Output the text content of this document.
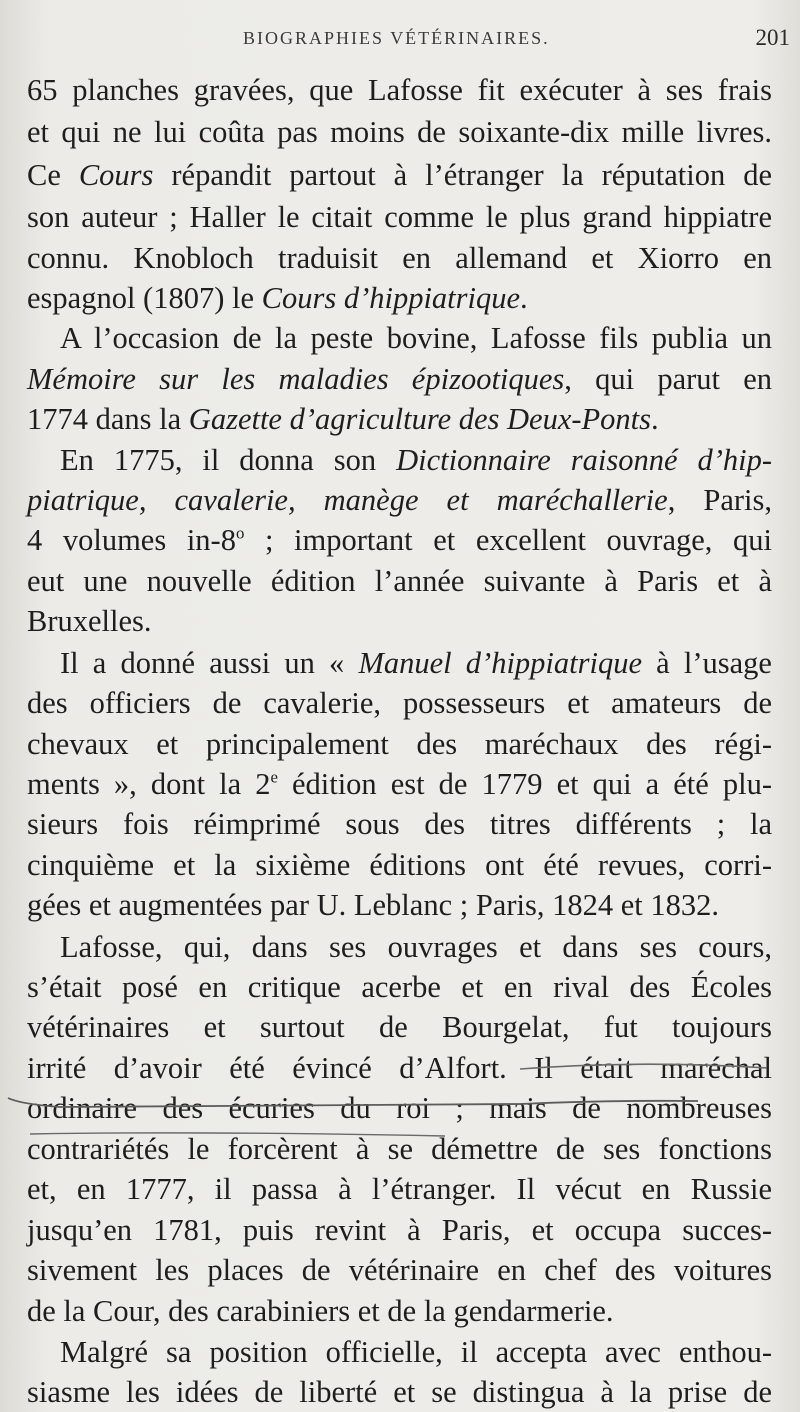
BIOGRAPHIES VÉTÉRINAIRES.	201
65 planches gravées, que Lafosse fit exécuter à ses frais
et qui ne lui coûta pas moins de soixante-dix mille livres.
Ce Cours répandit partout à l’étranger la réputation de
son auteur ; Haller le citait comme le plus grand hippiatre
connu. Knobloch traduisit en allemand et Xiorro en
espagnol (1807) le Cours d’hippiatrique.
A l’occasion de la peste bovine, Lafosse fils publia un
Mémoire sur les maladies épizootiques, qui parut en
1774 dans la Gazette d’agriculture des Deux-Ponts.
En 1775, il donna son Dictionnaire raisonné d’hip-
piatrique, cavalerie, manège et maréchallerie, Paris,
4 volumes in-8$^o$ ; important et excellent ouvrage, qui
eut une nouvelle édition l’année suivante à Paris et à
Bruxelles.
Il a donné aussi un « Manuel d’hippiatrique à l’usage
des officiers de cavalerie, possesseurs et amateurs de
chevaux et principalement des maréchaux des régi-
ments », dont la 2e édition est de 1779 et qui a été plu-
sieurs fois réimprimé sous des titres différents ; la
cinquième et la sixième éditions ont été revues, corri-
gées et augmentées par U. Leblanc ; Paris, 1824 et 1832.
Lafosse, qui, dans ses ouvrages et dans ses cours,
s’était posé en critique acerbe et en rival des Écoles
vétérinaires et surtout de Bourgelat, fut toujours
irrité d’avoir été évincé d’Alfort. Il était maréchal
ordinaire des écuries du roi ; mais de nombreuses
contrariétés le forcèrent à se démettre de ses fonctions
et, en 1777, il passa à l’étranger. Il vécut en Russie
jusqu’en 1781, puis revint à Paris, et occupa succes-
sivement les places de vétérinaire en chef des voitures
de la Cour, des carabiniers et de la gendarmerie.
Malgré sa position officielle, il accepta avec enthou-
siasme les idées de liberté et se distingua à la prise de
